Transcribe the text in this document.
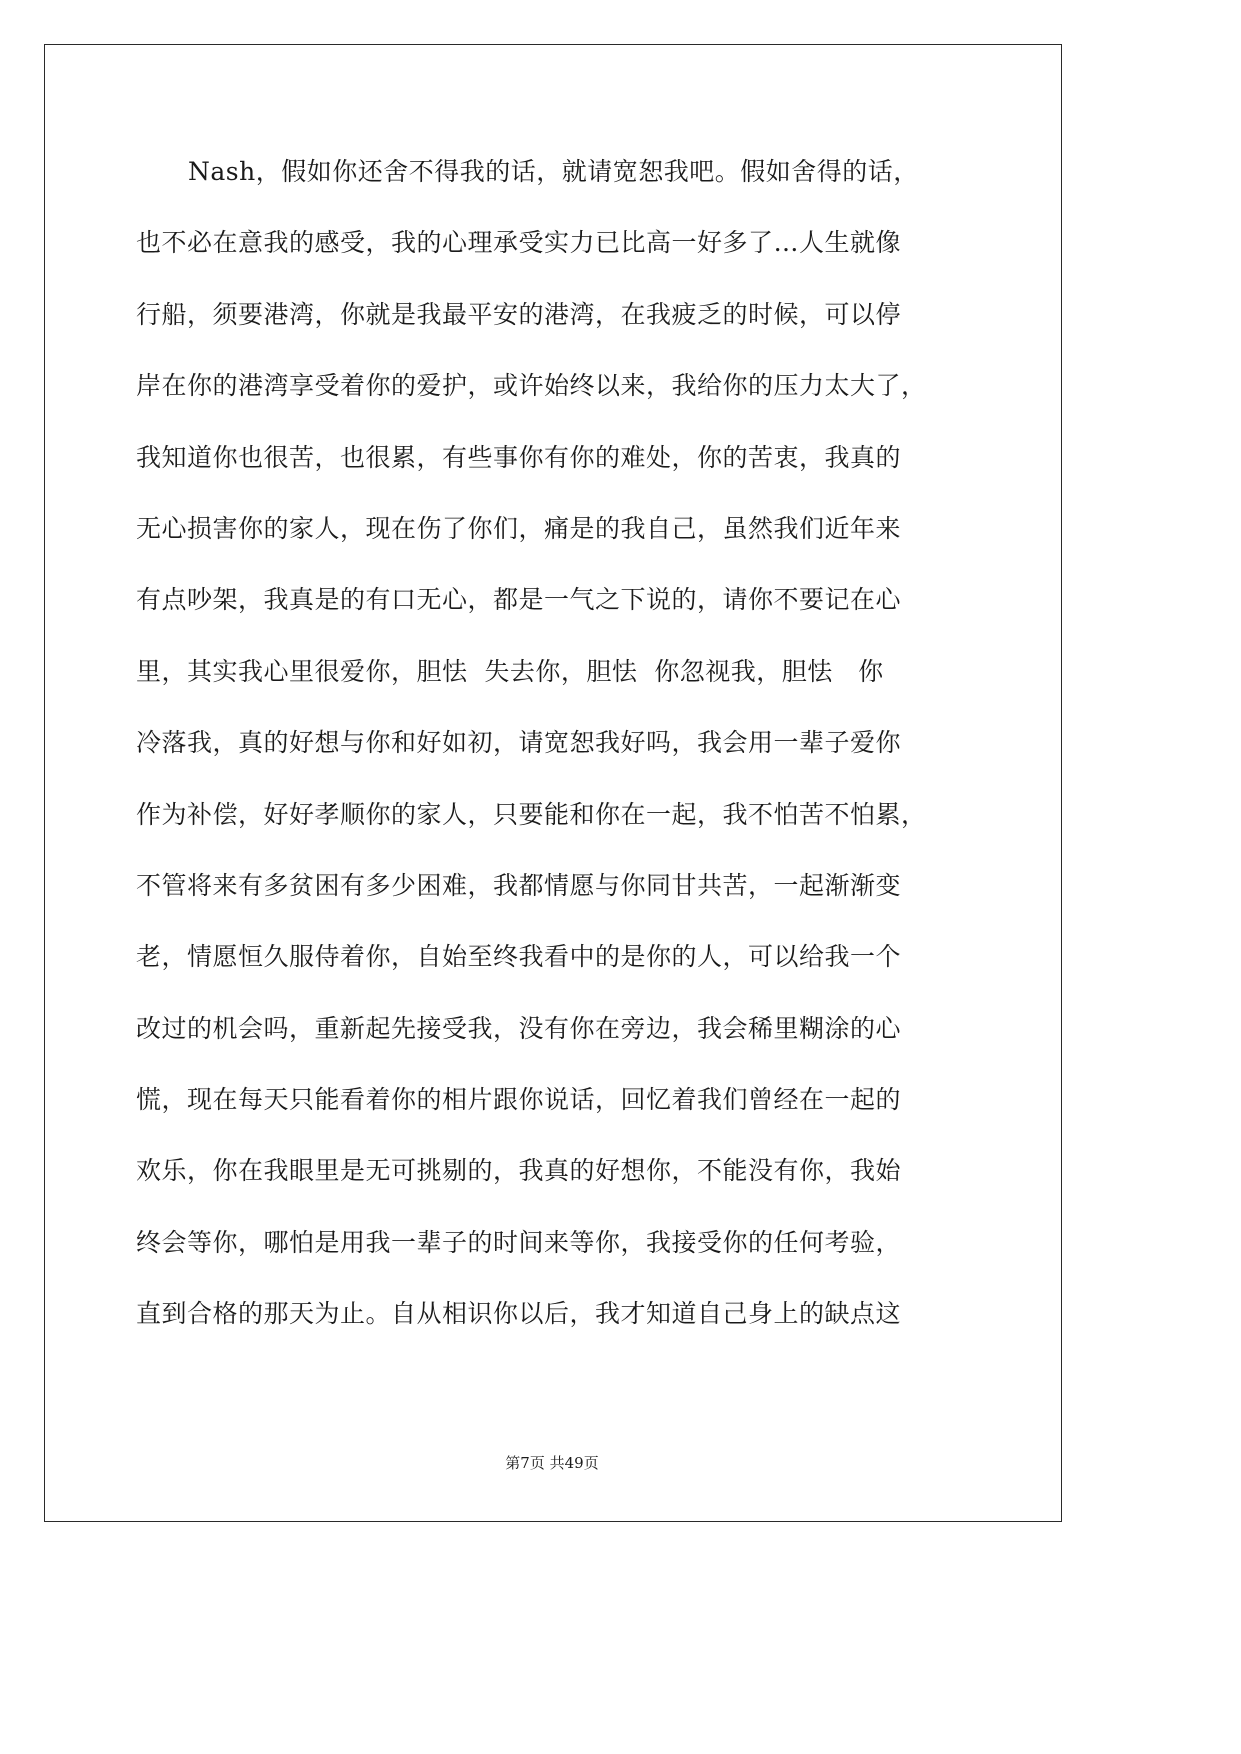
Nash，假如你还舍不得我的话，就请宽恕我吧。假如舍得的话，
也不必在意我的感受，我的心理承受实力已比高一好多了…人生就像
行船，须要港湾，你就是我最平安的港湾，在我疲乏的时候，可以停
岸在你的港湾享受着你的爱护，或许始终以来，我给你的压力太大了，
我知道你也很苦，也很累，有些事你有你的难处，你的苦衷，我真的
无心损害你的家人，现在伤了你们，痛是的我自己，虽然我们近年来
有点吵架，我真是的有口无心，都是一气之下说的，请你不要记在心
里，其实我心里很爱你，胆怯  失去你，胆怯  你忽视我，胆怯   你
冷落我，真的好想与你和好如初，请宽恕我好吗，我会用一辈子爱你
作为补偿，好好孝顺你的家人，只要能和你在一起，我不怕苦不怕累，
不管将来有多贫困有多少困难，我都情愿与你同甘共苦，一起渐渐变
老，情愿恒久服侍着你，自始至终我看中的是你的人，可以给我一个
改过的机会吗，重新起先接受我，没有你在旁边，我会稀里糊涂的心
慌，现在每天只能看着你的相片跟你说话，回忆着我们曾经在一起的
欢乐，你在我眼里是无可挑剔的，我真的好想你，不能没有你，我始
终会等你，哪怕是用我一辈子的时间来等你，我接受你的任何考验，
直到合格的那天为止。自从相识你以后，我才知道自己身上的缺点这
第7页 共49页
